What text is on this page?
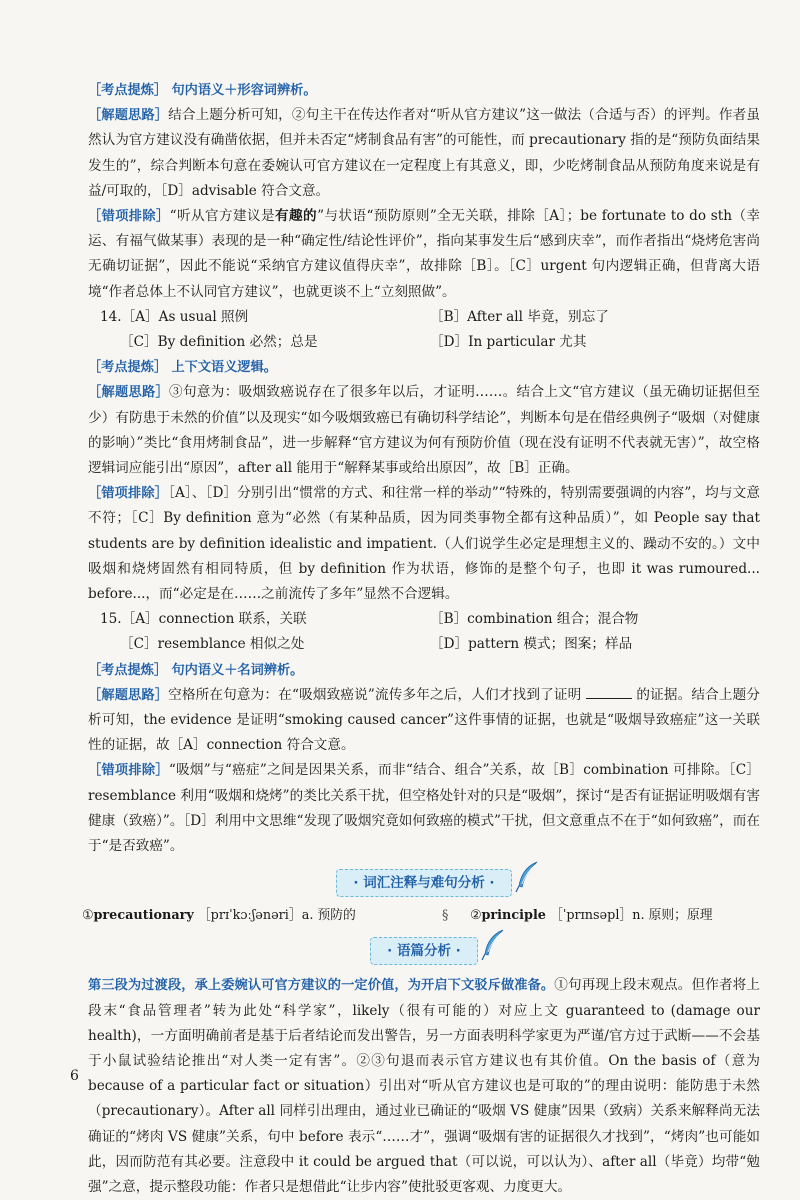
［考点提炼］ 句内语义＋形容词辨析。

［解题思路］结合上题分析可知，②句主干在传达作者对“听从官方建议”这一做法（合适与否）的评判。作者虽然认为官方建议没有确凿依据，但并未否定“烤制食品有害”的可能性，而 precautionary 指的是“预防负面结果发生的”，综合判断本句意在委婉认可官方建议在一定程度上有其意义，即，少吃烤制食品从预防角度来说是有益/可取的，［D］advisable 符合文意。

［错项排除］“听从官方建议是有趣的”与状语“预防原则”全无关联，排除［A］；be fortunate to do sth（幸运、有福气做某事）表现的是一种“确定性/结论性评价”，指向某事发生后“感到庆幸”，而作者指出“烧烤危害尚无确切证据”，因此不能说“采纳官方建议值得庆幸”，故排除［B］。［C］urgent 句内逻辑正确，但背离大语境“作者总体上不认同官方建议”，也就更谈不上“立刻照做”。

14.［A］As usual 照例	［B］After all 毕竟，别忘了
［C］By definition 必然；总是	［D］In particular 尤其

［考点提炼］ 上下文语义逻辑。

［解题思路］③句意为：吸烟致癌说存在了很多年以后，才证明……。结合上文“官方建议（虽无确切证据但至少）有防患于未然的价值”以及现实“如今吸烟致癌已有确切科学结论”，判断本句是在借经典例子“吸烟（对健康的影响）”类比“食用烤制食品”，进一步解释“官方建议为何有预防价值（现在没有证明不代表就无害）”，故空格逻辑词应能引出“原因”，after all 能用于“解释某事或给出原因”，故［B］正确。

［错项排除］［A］、［D］分别引出“惯常的方式、和往常一样的举动”“特殊的，特别需要强调的内容”，均与文意不符；［C］By definition 意为“必然（有某种品质，因为同类事物全都有这种品质）”，如 People say that students are by definition idealistic and impatient.（人们说学生必定是理想主义的、躁动不安的。）文中吸烟和烧烤固然有相同特质，但 by definition 作为状语，修饰的是整个句子，也即 it was rumoured... before...，而“必定是在……之前流传了多年”显然不合逻辑。

15.［A］connection 联系，关联	［B］combination 组合；混合物
［C］resemblance 相似之处	［D］pattern 模式；图案；样品

［考点提炼］ 句内语义＋名词辨析。

［解题思路］空格所在句意为：在“吸烟致癌说”流传多年之后，人们才找到了证明	的证据。结合上题分析可知，the evidence 是证明“smoking caused cancer”这件事情的证据，也就是“吸烟导致癌症”这一关联性的证据，故［A］connection 符合文意。

［错项排除］“吸烟”与“癌症”之间是因果关系，而非“结合、组合”关系，故［B］combination 可排除。［C］resemblance 利用“吸烟和烧烤”的类比关系干扰，但空格处针对的只是“吸烟”，探讨“是否有证据证明吸烟有害健康（致癌）”。［D］利用中文思维“发现了吸烟究竟如何致癌的模式”干扰，但文意重点不在于“如何致癌”，而在于“是否致癌”。

· 词汇注释与难句分析 ·
①precautionary ［prɪˈkɔːʃənəri］a. 预防的	§	②principle ［ˈprɪnsəpl］n. 原则；原理
· 语篇分析 ·

第三段为过渡段，承上委婉认可官方建议的一定价值，为开启下文驳斥做准备。①句再现上段末观点。但作者将上段末“食品管理者”转为此处“科学家”，likely（很有可能的）对应上文 guaranteed to (damage our health)，一方面明确前者是基于后者结论而发出警告，另一方面表明科学家更为严谨/官方过于武断——不会基于小鼠试验结论推出“对人类一定有害”。②③句退而表示官方建议也有其价值。On the basis of（意为 because of a particular fact or situation）引出对“听从官方建议也是可取的”的理由说明：能防患于未然（precautionary）。After all 同样引出理由，通过业已确证的“吸烟 VS 健康”因果（致病）关系来解释尚无法确证的“烤肉 VS 健康”关系，句中 before 表示“……才”，强调“吸烟有害的证据很久才找到”，“烤肉”也可能如此，因而防范有其必要。注意段中 it could be argued that（可以说，可以认为）、after all（毕竟）均带“勉强”之意，提示整段功能：作者只是想借此“让步内容”使批驳更客观、力度更大。

6
